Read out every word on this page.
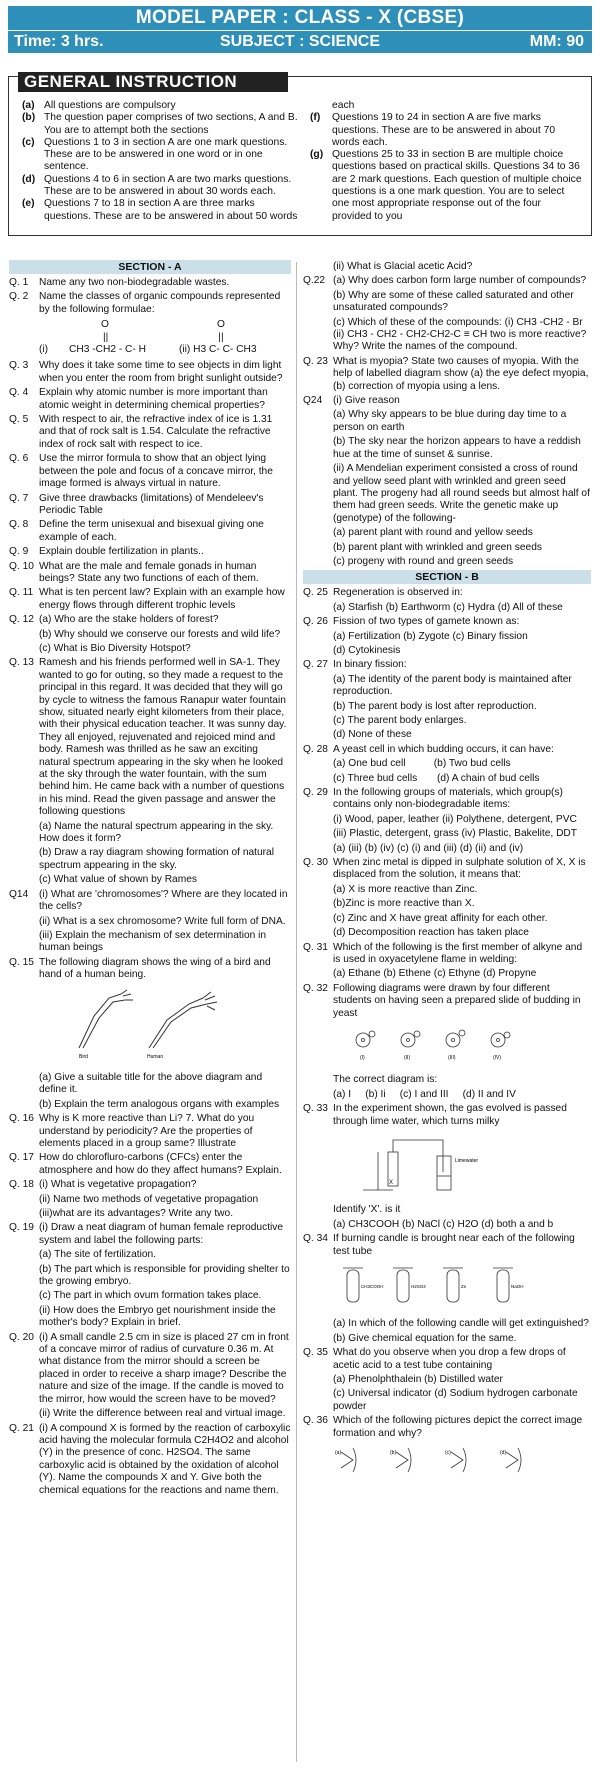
MODEL PAPER : CLASS - X (CBSE)
Time: 3 hrs.	SUBJECT : SCIENCE	MM: 90
GENERAL INSTRUCTION
(a) All questions are compulsory
(b) The question paper comprises of two sections, A and B. You are to attempt both the sections
(c) Questions 1 to 3 in section A are one mark questions. These are to be answered in one word or in one sentence.
(d) Questions 4 to 6 in section A are two marks questions. These are to be answered in about 30 words each.
(e) Questions 7 to 18 in section A are three marks questions. These are to be answered in about 50 words
each
(f)	Questions 19 to 24 in section A are five marks questions. These are to be answered in about 70 words each.
(g) Questions 25 to 33 in section B are multiple choice questions based on practical skills. Questions 34 to 36 are 2 mark questions. Each question of multiple choice questions is a one mark question. You are to select one most appropriate response out of the four provided to you
SECTION - A
Q. 1	Name any two non-biodegradable wastes.
Q. 2	Name the classes of organic compounds represented by the following formulae:
O	O
||	||
(i)	CH3 -CH2 - C- H	(ii) H3 C- C- CH3
Q. 3	Why does it take some time to see objects in dim light when you enter the room from bright sunlight outside?
Q. 4	Explain why atomic number is more important than atomic weight in determining chemical properties?
Q. 5	With respect to air, the refractive index of ice is 1.31 and that of rock salt is 1.54. Calculate the refractive index of rock salt with respect to ice.
Q. 6	Use the mirror formula to show that an object lying between the pole and focus of a concave mirror, the image formed is always virtual in nature.
Q. 7	Give three drawbacks (limitations) of Mendeleev's Periodic Table
Q. 8	Define the term unisexual and bisexual giving one example of each.
Q. 9	Explain double fertilization in plants..
Q. 10 What are the male and female gonads in human beings? State any two functions of each of them.
Q. 11 What is ten percent law? Explain with an example how energy flows through different trophic levels
Q. 12 (a) Who are the stake holders of forest?
(b) Why should we conserve our forests and wild life?
(c) What is Bio Diversity Hotspot?
Q. 13 Ramesh and his friends performed well in SA-1. They wanted to go for outing, so they made a request to the principal in this regard. It was decided that they will go by cycle to witness the famous Ranapur water fountain show, situated nearly eight kilometers from their place, with their physical education teacher. It was sunny day. They all enjoyed, rejuvenated and rejoiced mind and body. Ramesh was thrilled as he saw an exciting natural spectrum appearing in the sky when he looked at the sky through the water fountain, with the sum behind him. He came back with a number of questions in his mind. Read the given passage and answer the following questions
(a) Name the natural spectrum appearing in the sky. How does it form?
(b) Draw a ray diagram showing formation of natural spectrum appearing in the sky.
(c) What value of shown by Rames
Q14	(i) What are 'chromosomes'? Where are they located in the cells?
(ii) What is a sex chromosome? Write full form of DNA.
(iii) Explain the mechanism of sex determination in human beings
Q. 15 The following diagram shows the wing of a bird and hand of a human being.
Bird	Human
(a) Give a suitable title for the above diagram and define it.
(b) Explain the term analogous organs with examples
Q. 16 Why is K more reactive than Li? 7. What do you understand by periodicity? Are the properties of elements placed in a group same? Illustrate
Q. 17 How do chloroflurо-carbons (CFCs) enter the atmosphere and how do they affect humans? Explain.
Q. 18 (i) What is vegetative propagation?
(ii) Name two methods of vegetative propagation
(iii)what are its advantages? Write any two.
Q. 19 (i) Draw a neat diagram of human female reproductive system and label the following parts:
(a) The site of fertilization.
(b) The part which is responsible for providing shelter to the growing embryo.
(c) The part in which ovum formation takes place.
(ii) How does the Embryo get nourishment inside the mother's body? Explain in brief.
Q. 20 (i) A small candle 2.5 cm in size is placed 27 cm in front of a concave mirror of radius of curvature 0.36 m. At what distance from the mirror should a screen be placed in order to receive a sharp image? Describe the nature and size of the image. If the candle is moved to the mirror, how would the screen have to be moved?
(ii) Write the difference between real and virtual image.
Q. 21 (i) A compound X is formed by the reaction of carboxylic acid having the molecular formula C2H4O2 and alcohol (Y) in the presence of conc. H2SO4. The same carboxylic acid is obtained by the oxidation of alcohol (Y). Name the compounds X and Y. Give both the chemical equations for the reactions and name them.
(ii) What is Glacial acetic Acid?
Q.22 (a) Why does carbon form large number of compounds?
(b) Why are some of these called saturated and other unsaturated compounds?
(c) Which of these of the compounds: (i) CH3 -CH2 - Br (ii) CH3 - CH2 - CH2-CH2-C ≡ CH two is more reactive? Why? Write the names of the compound.
Q. 23 What is myopia? State two causes of myopia. With the help of labelled diagram show (a) the eye defect myopia, (b) correction of myopia using a lens.
Q24	(i) Give reason
(a) Why sky appears to be blue during day time to a person on earth
(b) The sky near the horizon appears to have a reddish hue at the time of sunset & sunrise.
(ii) A Mendelian experiment consisted a cross of round and yellow seed plant with wrinkled and green seed plant. The progeny had all round seeds but almost half of them had green seeds. Write the genetic make up (genotype) of the following-
(a) parent plant with round and yellow seeds
(b) parent plant with wrinkled and green seeds
(c) progeny with round and green seeds
SECTION - B
Q. 25 Regeneration is observed in:
(a) Starfish (b) Earthworm (c) Hydra (d) All of these
Q. 26 Fission of two types of gamete known as:
(a) Fertilization (b) Zygote (c) Binary fission
(d) Cytokinesis
Q. 27 In binary fission:
(a) The identity of the parent body is maintained after reproduction.
(b) The parent body is lost after reproduction.
(c) The parent body enlarges.
(d) None of these
Q. 28 A yeast cell in which budding occurs, it can have:
(a) One bud cell          (b) Two bud cells
(c) Three bud cells       (d) A chain of bud cells
Q. 29 In the following groups of materials, which group(s) contains only non-biodegradable items:
(i) Wood, paper, leather (ii) Polythene, detergent, PVC
(iii) Plastic, detergent, grass (iv) Plastic, Bakelite, DDT
(a) (iii) (b) (iv) (c) (i) and (iii) (d) (ii) and (iv)
Q. 30 When zinc metal is dipped in sulphate solution of X, X is displaced from the solution, it means that:
(a) X is more reactive than Zinc.
(b)Zinc is more reactive than X.
(c) Zinc and X have great affinity for each other.
(d) Decomposition reaction has taken place
Q. 31 Which of the following is the first member of alkyne and is used in oxyacetylene flame in welding:
(a) Ethane (b) Ethene (c) Ethyne (d) Propyne
Q. 32 Following diagrams were drawn by four different students on having seen a prepared slide of budding in yeast
(I)	(II)	(III)	(IV)
The correct diagram is:
(a) I     (b) Ii     (c) I and III     (d) II and IV
Q. 33 In the experiment shown, the gas evolved is passed through lime water, which turns milky
X
Limewater
Identify 'X'. is it
(a) CH3COOH (b) NaCl (c) H2O (d) both a and b
Q. 34 If burning candle is brought near each of the following test tube
CH3COOH	H2SO4	Zn	NaOH
(a) In which of the following candle will get extinguished?
(b) Give chemical equation for the same.
Q. 35 What do you observe when you drop a few drops of acetic acid to a test tube containing
(a) Phenolphthalein (b) Distilled water
(c) Universal indicator (d) Sodium hydrogen carbonate powder
Q. 36 Which of the following pictures depict the correct image formation and why?
(a)	(b)	(c)	(d)
